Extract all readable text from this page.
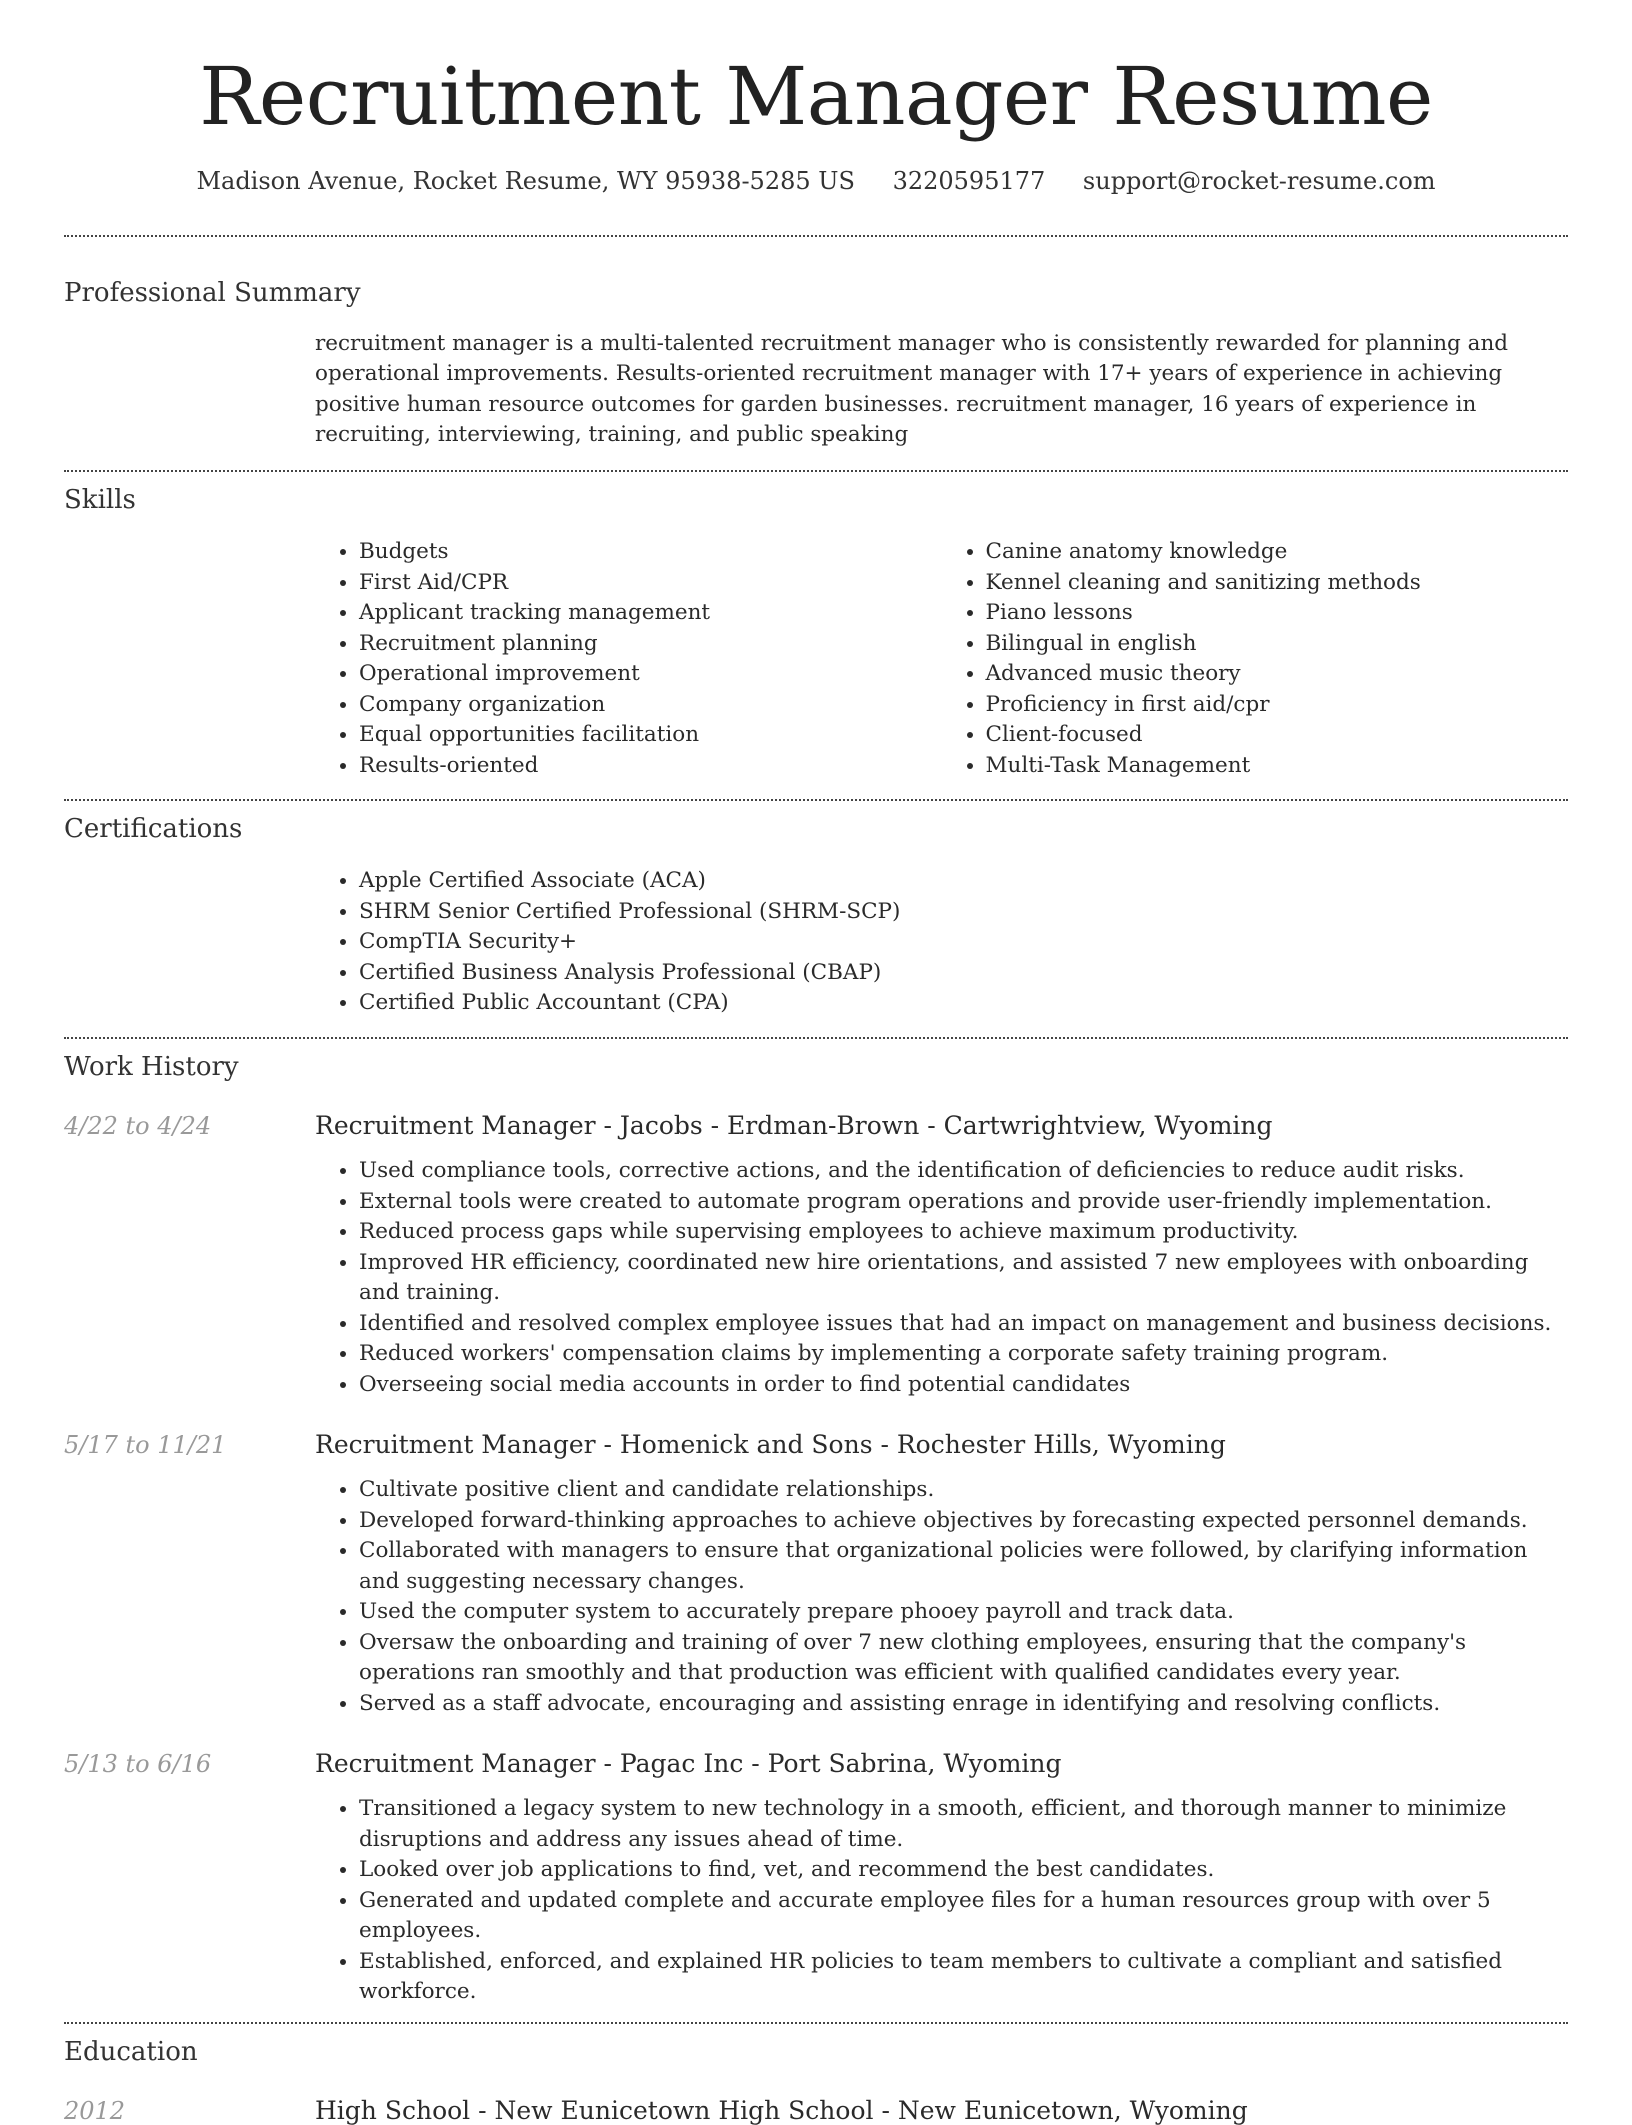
Recruitment Manager Resume
Madison Avenue, Rocket Resume, WY 95938-5285 US 3220595177 support@rocket-resume.com
Professional Summary
recruitment manager is a multi-talented recruitment manager who is consistently rewarded for planning and operational improvements. Results-oriented recruitment manager with 17+ years of experience in achieving positive human resource outcomes for garden businesses. recruitment manager, 16 years of experience in recruiting, interviewing, training, and public speaking
Skills
• Budgets
• First Aid/CPR
• Applicant tracking management
• Recruitment planning
• Operational improvement
• Company organization
• Equal opportunities facilitation
• Results-oriented
• Canine anatomy knowledge
• Kennel cleaning and sanitizing methods
• Piano lessons
• Bilingual in english
• Advanced music theory
• Proficiency in first aid/cpr
• Client-focused
• Multi-Task Management
Certifications
• Apple Certified Associate (ACA)
• SHRM Senior Certified Professional (SHRM-SCP)
• CompTIA Security+
• Certified Business Analysis Professional (CBAP)
• Certified Public Accountant (CPA)
Work History
4/22 to 4/24	Recruitment Manager - Jacobs - Erdman-Brown - Cartwrightview, Wyoming
• Used compliance tools, corrective actions, and the identification of deficiencies to reduce audit risks.
• External tools were created to automate program operations and provide user-friendly implementation.
• Reduced process gaps while supervising employees to achieve maximum productivity.
• Improved HR efficiency, coordinated new hire orientations, and assisted 7 new employees with onboarding and training.
• Identified and resolved complex employee issues that had an impact on management and business decisions.
• Reduced workers' compensation claims by implementing a corporate safety training program.
• Overseeing social media accounts in order to find potential candidates
5/17 to 11/21	Recruitment Manager - Homenick and Sons - Rochester Hills, Wyoming
• Cultivate positive client and candidate relationships.
• Developed forward-thinking approaches to achieve objectives by forecasting expected personnel demands.
• Collaborated with managers to ensure that organizational policies were followed, by clarifying information and suggesting necessary changes.
• Used the computer system to accurately prepare phooey payroll and track data.
• Oversaw the onboarding and training of over 7 new clothing employees, ensuring that the company's operations ran smoothly and that production was efficient with qualified candidates every year.
• Served as a staff advocate, encouraging and assisting enrage in identifying and resolving conflicts.
5/13 to 6/16	Recruitment Manager - Pagac Inc - Port Sabrina, Wyoming
• Transitioned a legacy system to new technology in a smooth, efficient, and thorough manner to minimize disruptions and address any issues ahead of time.
• Looked over job applications to find, vet, and recommend the best candidates.
• Generated and updated complete and accurate employee files for a human resources group with over 5 employees.
• Established, enforced, and explained HR policies to team members to cultivate a compliant and satisfied workforce.
Education
2012	High School - New Eunicetown High School - New Eunicetown, Wyoming
